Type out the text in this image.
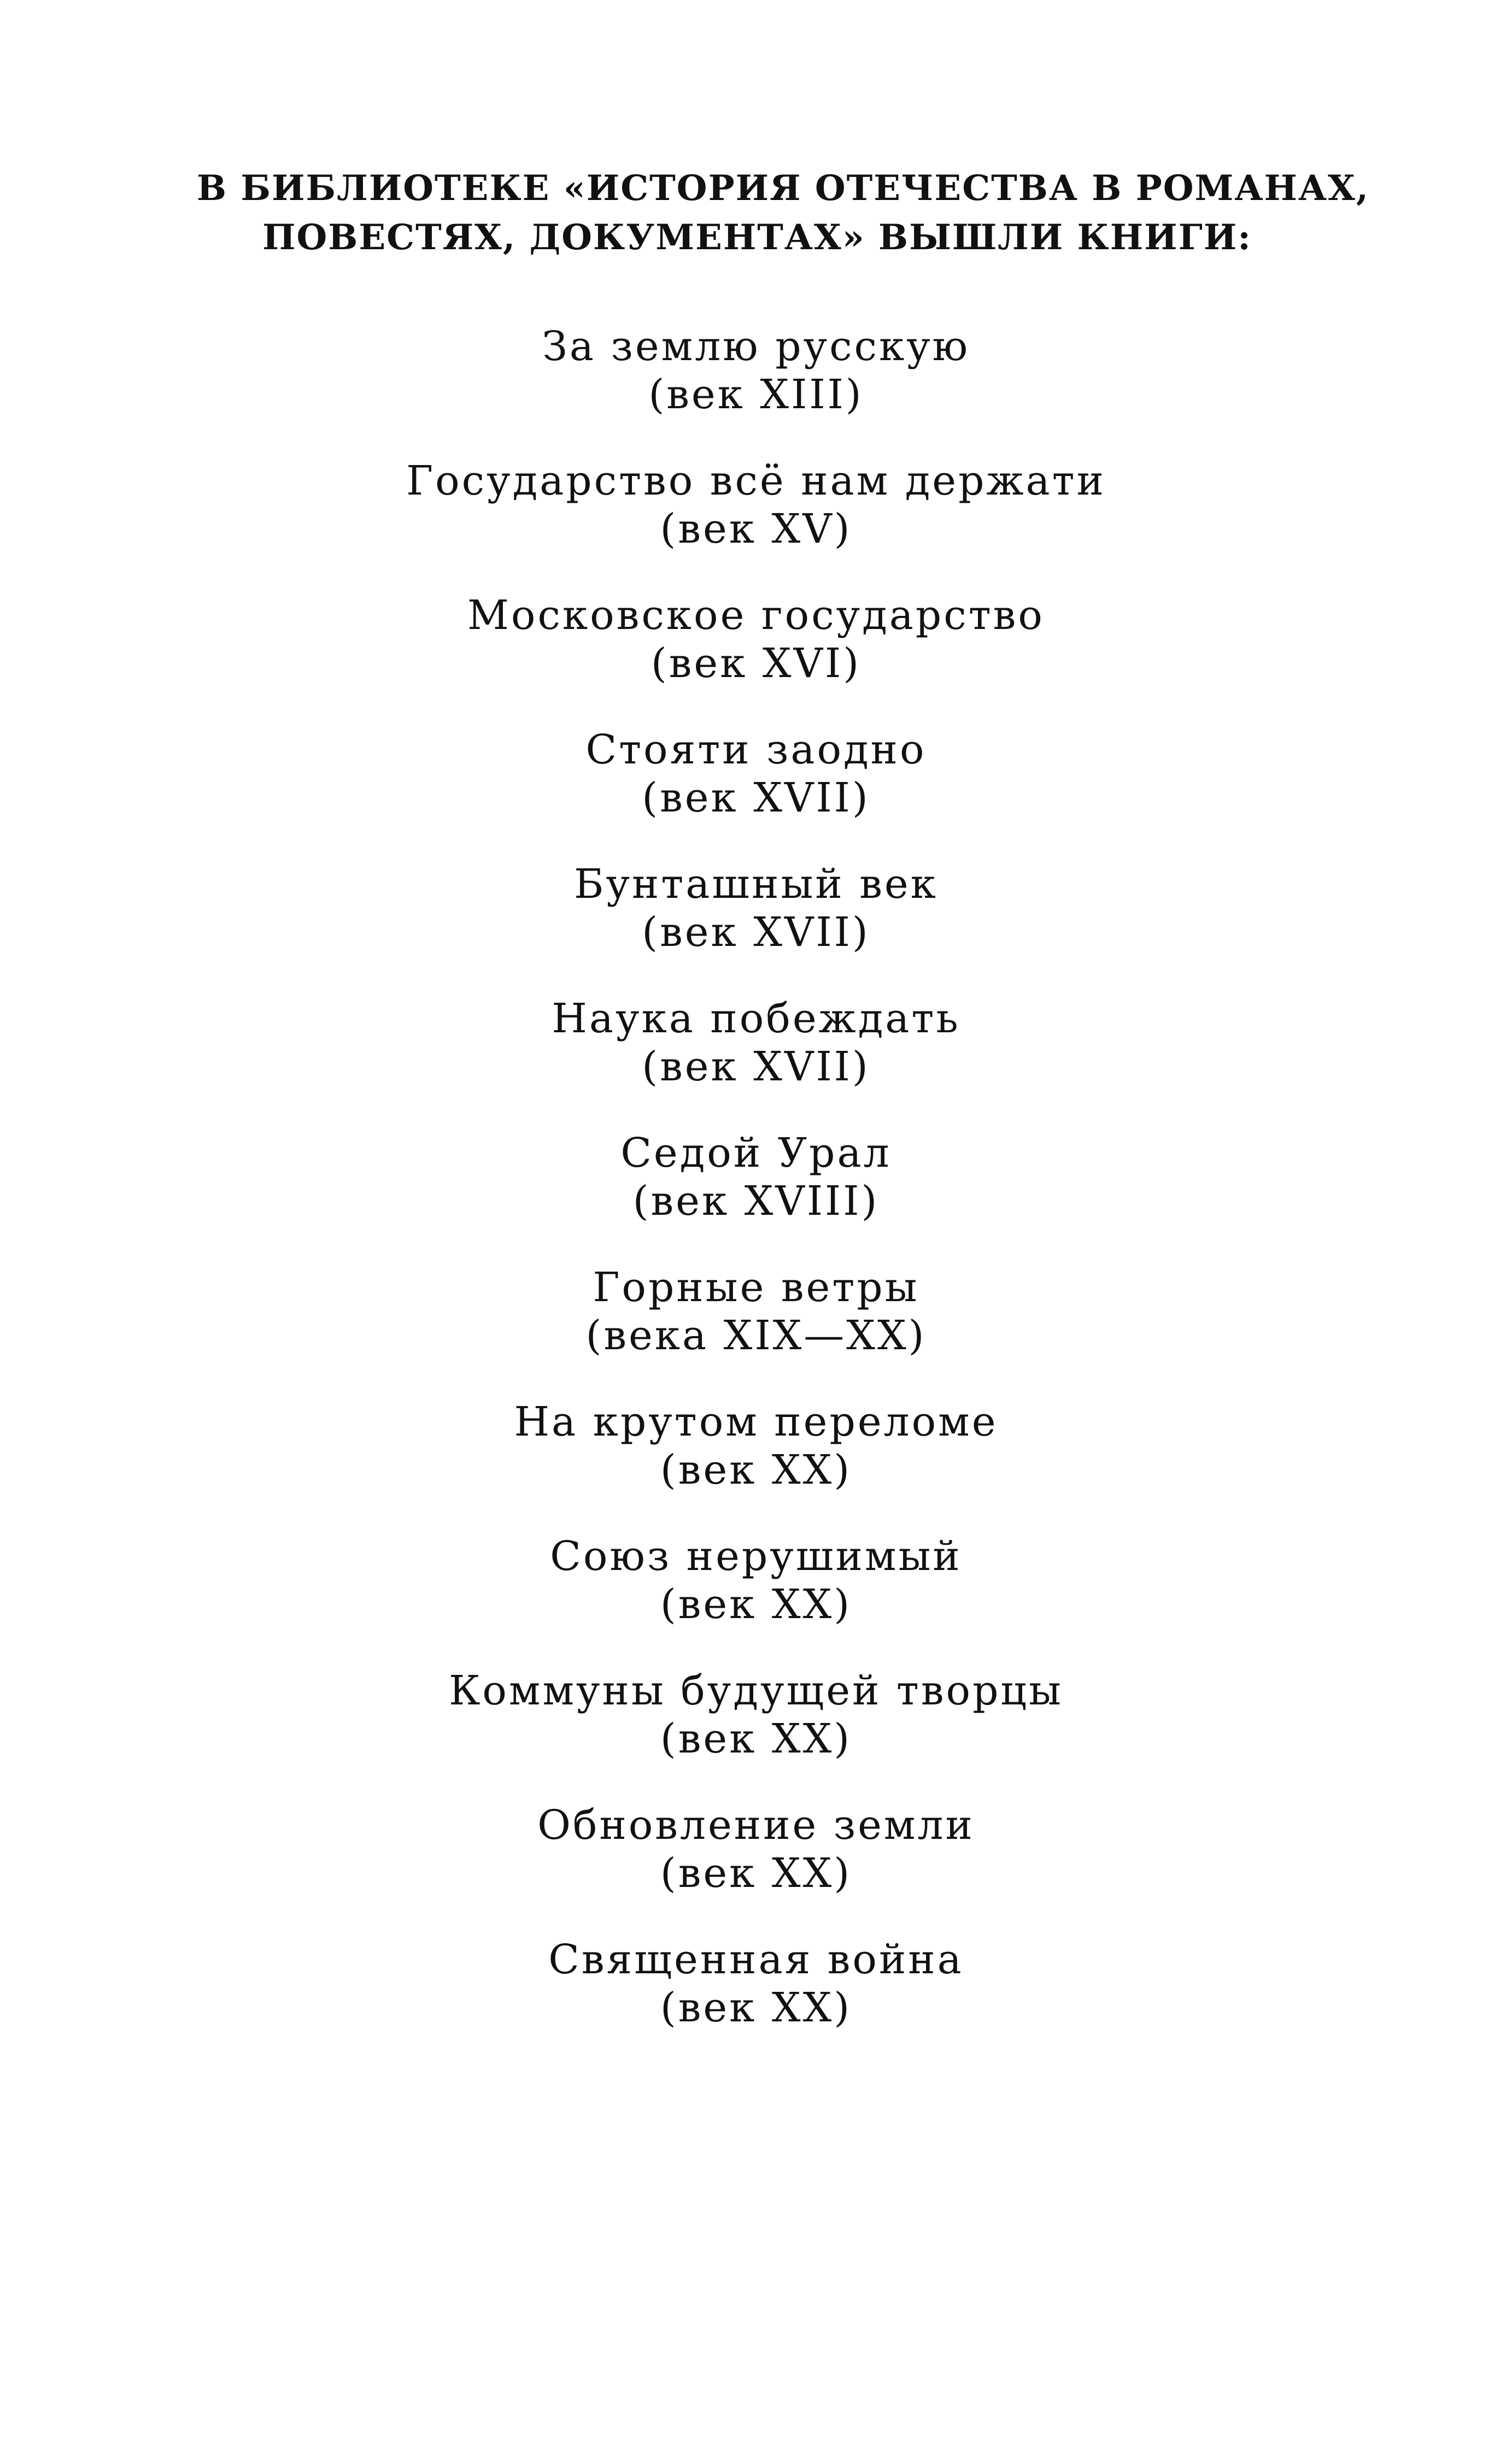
В БИБЛИОТЕКЕ «ИСТОРИЯ ОТЕЧЕСТВА В РОМАНАХ,
ПОВЕСТЯХ, ДОКУМЕНТАХ» ВЫШЛИ КНИГИ:
За землю русскую
(век XIII)
Государство всё нам держати
(век XV)
Московское государство
(век XVI)
Стояти заодно
(век XVII)
Бунташный век
(век XVII)
Наука побеждать
(век XVII)
Седой Урал
(век XVIII)
Горные ветры
(века XIX—XX)
На крутом переломе
(век XX)
Союз нерушимый
(век XX)
Коммуны будущей творцы
(век XX)
Обновление земли
(век XX)
Священная война
(век XX)
